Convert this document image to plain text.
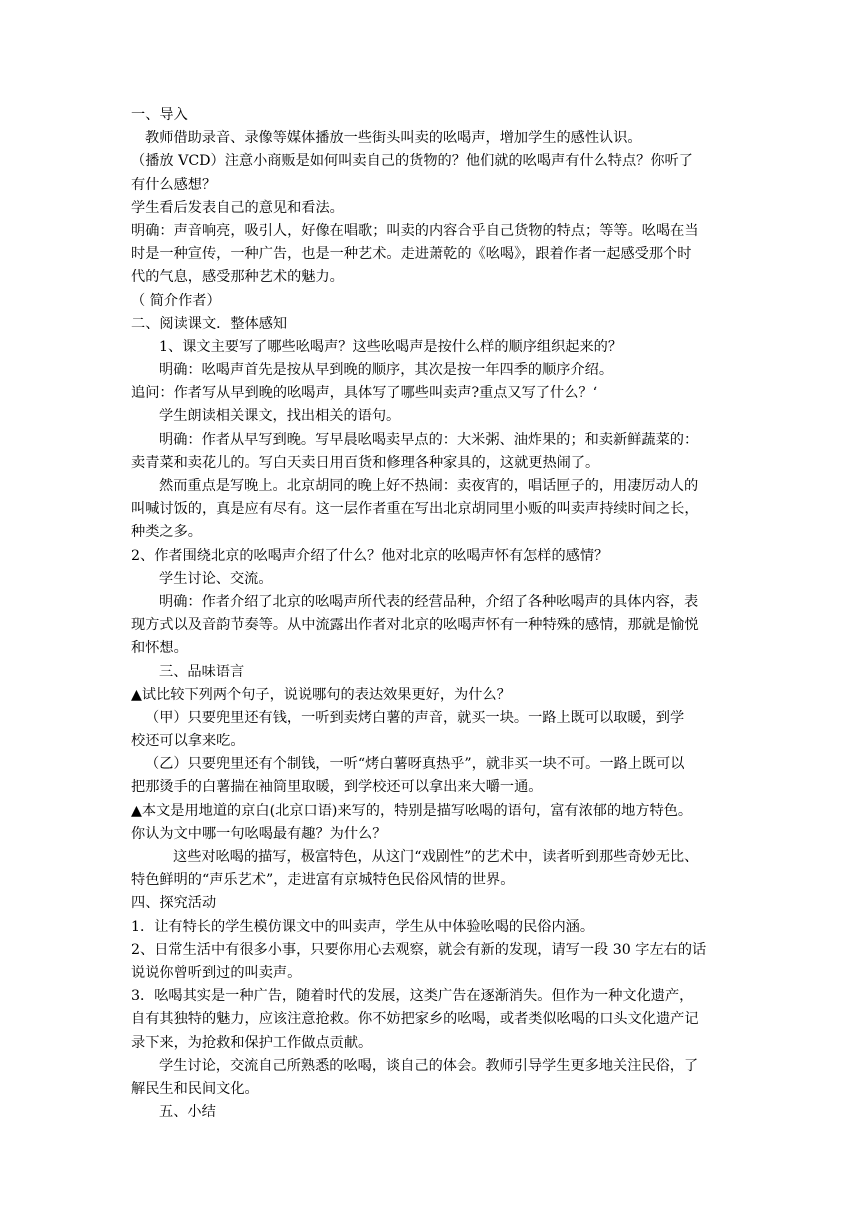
一、导入
教师借助录音、录像等媒体播放一些街头叫卖的吆喝声，增加学生的感性认识。
（播放 VCD）注意小商贩是如何叫卖自己的货物的？他们就的吆喝声有什么特点？你听了
有什么感想？
学生看后发表自己的意见和看法。
明确：声音响亮，吸引人，好像在唱歌；叫卖的内容合乎自己货物的特点；等等。吆喝在当
时是一种宣传，一种广告，也是一种艺术。走进萧乾的《吆喝》，跟着作者一起感受那个时
代的气息，感受那种艺术的魅力。
（ 简介作者）
二、阅读课文．整体感知
1、课文主要写了哪些吆喝声？这些吆喝声是按什么样的顺序组织起来的？
明确：吆喝声首先是按从早到晚的顺序，其次是按一年四季的顺序介绍。
追问：作者写从早到晚的吆喝声，具体写了哪些叫卖声?重点又写了什么？‘
学生朗读相关课文，找出相关的语句。
明确：作者从早写到晚。写早晨吆喝卖早点的：大米粥、油炸果的；和卖新鲜蔬菜的：
卖青菜和卖花儿的。写白天卖日用百货和修理各种家具的，这就更热闹了。
然而重点是写晚上。北京胡同的晚上好不热闹：卖夜宵的，唱话匣子的，用凄厉动人的
叫喊讨饭的，真是应有尽有。这一层作者重在写出北京胡同里小贩的叫卖声持续时间之长，
种类之多。
2、作者围绕北京的吆喝声介绍了什么？他对北京的吆喝声怀有怎样的感情？
学生讨论、交流。
明确：作者介绍了北京的吆喝声所代表的经营品种，介绍了各种吆喝声的具体内容，表
现方式以及音韵节奏等。从中流露出作者对北京的吆喝声怀有一种特殊的感情，那就是愉悦
和怀想。
三、品味语言
▲试比较下列两个句子，说说哪句的表达效果更好，为什么？
（甲）只要兜里还有钱，一听到卖烤白薯的声音，就买一块。一路上既可以取暖，到学
校还可以拿来吃。
（乙）只要兜里还有个制钱，一听“烤白薯呀真热乎”，就非买一块不可。一路上既可以
把那烫手的白薯揣在袖筒里取暖，到学校还可以拿出来大嚼一通。
▲本文是用地道的京白(北京口语)来写的，特别是描写吆喝的语句，富有浓郁的地方特色。
你认为文中哪一句吆喝最有趣？为什么？
这些对吆喝的描写，极富特色，从这门“戏剧性”的艺术中，读者听到那些奇妙无比、
特色鲜明的“声乐艺术”，走进富有京城特色民俗风情的世界。
四、探究活动
1．让有特长的学生模仿课文中的叫卖声，学生从中体验吆喝的民俗内涵。
2、日常生活中有很多小事，只要你用心去观察，就会有新的发现，请写一段 30 字左右的话
说说你曾听到过的叫卖声。
3．吆喝其实是一种广告，随着时代的发展，这类广告在逐渐消失。但作为一种文化遗产，
自有其独特的魅力，应该注意抢救。你不妨把家乡的吆喝，或者类似吆喝的口头文化遗产记
录下来，为抢救和保护工作做点贡献。
学生讨论，交流自己所熟悉的吆喝，谈自己的体会。教师引导学生更多地关注民俗，了
解民生和民间文化。
五、小结
